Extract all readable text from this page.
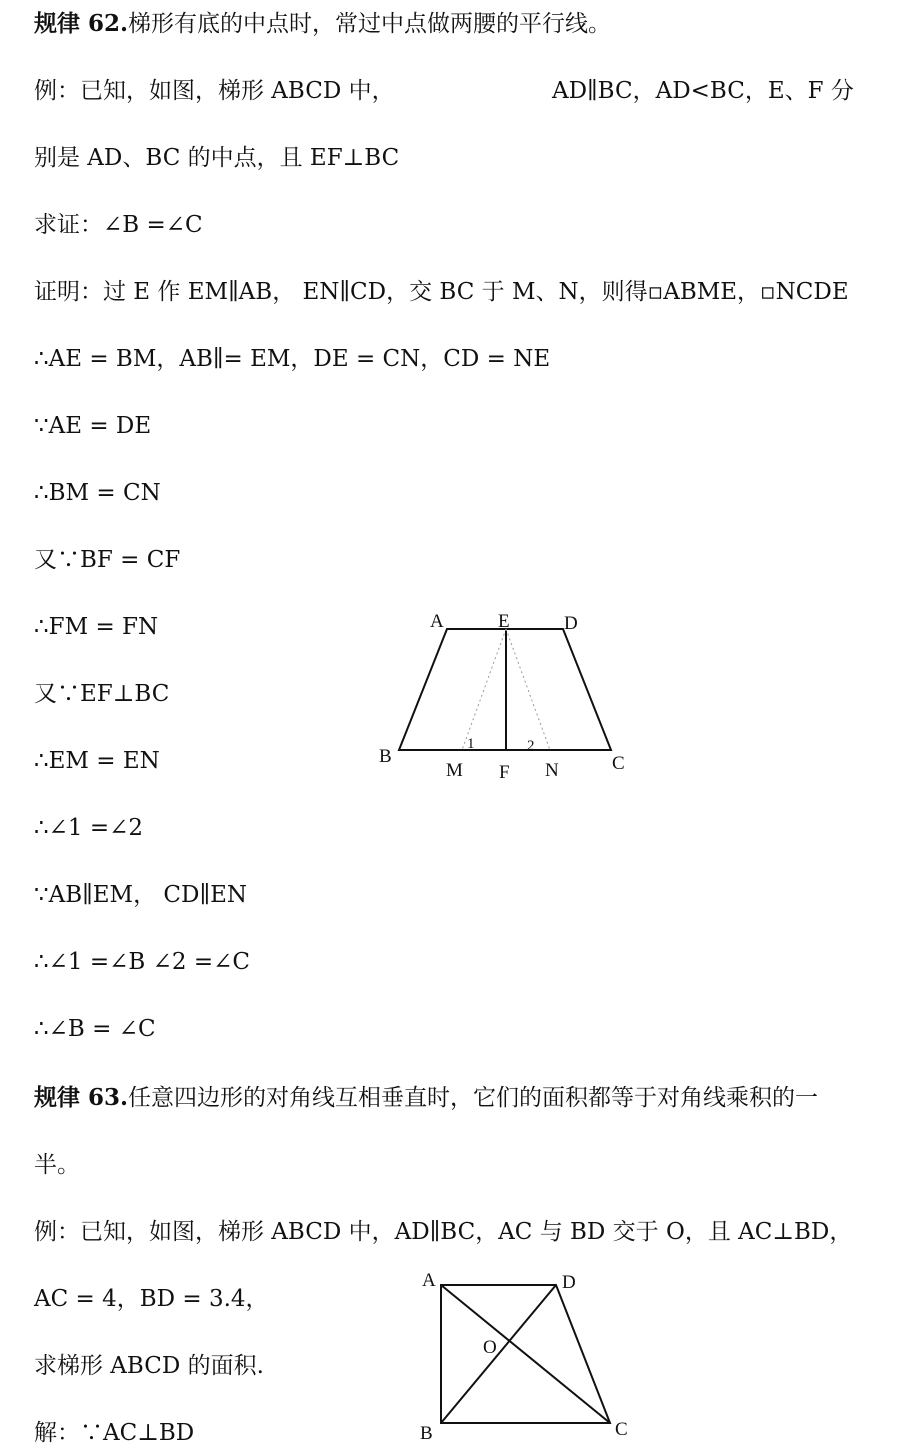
规律 62.梯形有底的中点时，常过中点做两腰的平行线。
例：已知，如图，梯形 ABCD 中，	AD∥BC，AD<BC，E、F 分
别是 AD、BC 的中点，且 EF⊥BC
求证：∠B =∠C
证明：过 E 作 EM∥AB， EN∥CD，交 BC 于 M、N，则得▫ABME，▫NCDE
∴AE = BM，AB∥= EM，DE = CN，CD = NE
∵AE = DE
∴BM = CN
又∵BF = CF
∴FM = FN
又∵EF⊥BC
∴EM = EN
∴∠1 =∠2
∵AB∥EM， CD∥EN
∴∠1 =∠B ∠2 =∠C
∴∠B = ∠C
A	E	D
B
M F N	C
1	2
规律 63.任意四边形的对角线互相垂直时，它们的面积都等于对角线乘积的一
半。
例：已知，如图，梯形 ABCD 中，AD∥BC，AC 与 BD 交于 O，且 AC⊥BD，
AC = 4，BD = 3.4，
求梯形 ABCD 的面积.
解：∵AC⊥BD
A	D
O
B	C
